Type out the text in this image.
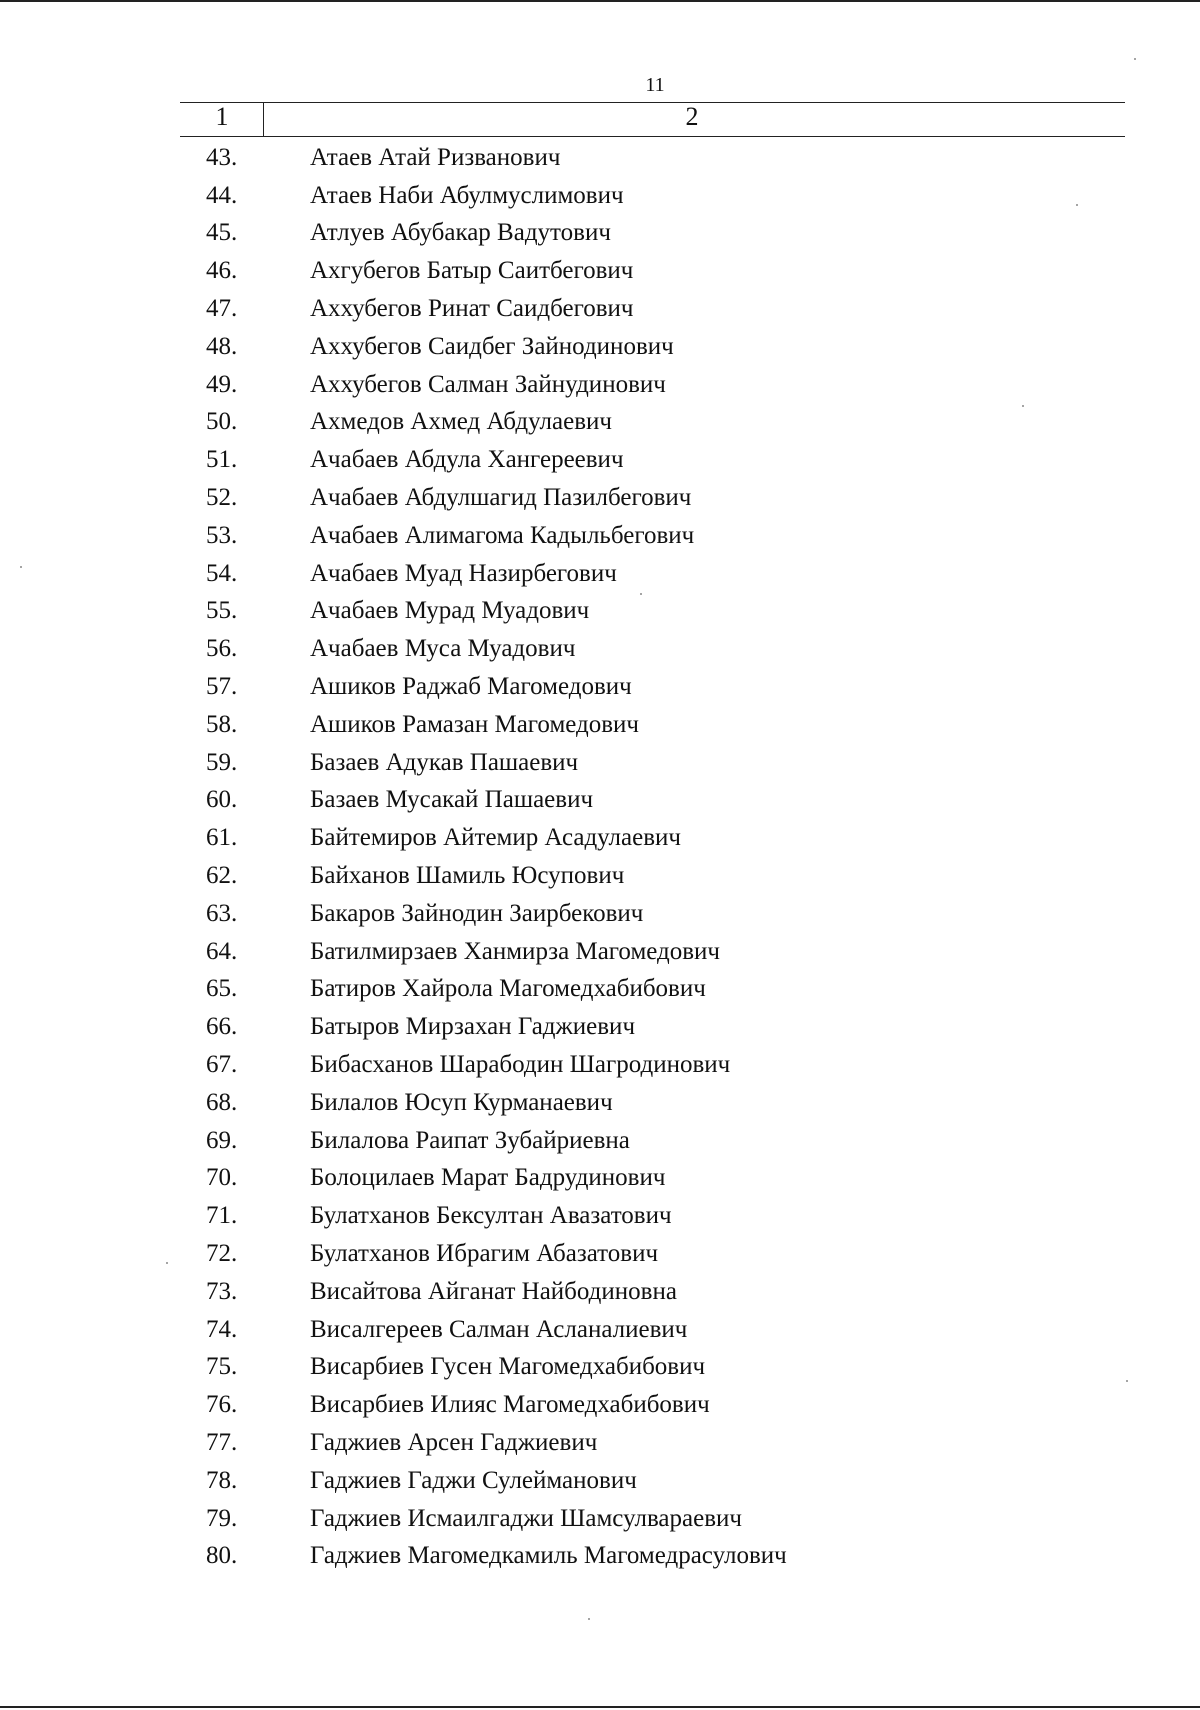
11
1	2
43.	Атаев Атай Ризванович
44.	Атаев Наби Абулмуслимович
45.	Атлуев Абубакар Вадутович
46.	Ахгубегов Батыр Саитбегович
47.	Аххубегов Ринат Саидбегович
48.	Аххубегов Саидбег Зайнодинович
49.	Аххубегов Салман Зайнудинович
50.	Ахмедов Ахмед Абдулаевич
51.	Ачабаев Абдула Хангереевич
52.	Ачабаев Абдулшагид Пазилбегович
53.	Ачабаев Алимагома Кадыльбегович
54.	Ачабаев Муад Назирбегович
55.	Ачабаев Мурад Муадович
56.	Ачабаев Муса Муадович
57.	Ашиков Раджаб Магомедович
58.	Ашиков Рамазан Магомедович
59.	Базаев Адукав Пашаевич
60.	Базаев Мусакай Пашаевич
61.	Байтемиров Айтемир Асадулаевич
62.	Байханов Шамиль Юсупович
63.	Бакаров Зайнодин Заирбекович
64.	Батилмирзаев Ханмирза Магомедович
65.	Батиров Хайрола Магомедхабибович
66.	Батыров Мирзахан Гаджиевич
67.	Бибасханов Шарабодин Шагродинович
68.	Билалов Юсуп Курманаевич
69.	Билалова Раипат Зубайриевна
70.	Болоцилаев Марат Бадрудинович
71.	Булатханов Бексултан Авазатович
72.	Булатханов Ибрагим Абазатович
73.	Висайтова Айганат Найбодиновна
74.	Висалгереев Салман Асланалиевич
75.	Висарбиев Гусен Магомедхабибович
76.	Висарбиев Илияс Магомедхабибович
77.	Гаджиев Арсен Гаджиевич
78.	Гаджиев Гаджи Сулейманович
79.	Гаджиев Исмаилгаджи Шамсулвараевич
80.	Гаджиев Магомедкамиль Магомедрасулович
